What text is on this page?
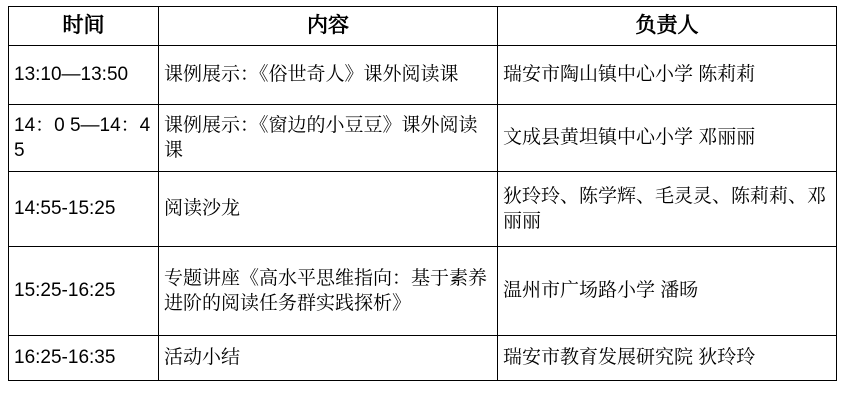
时间	内容	负责人
13:10—13:50	课例展示：《俗世奇人》课外阅读课	瑞安市陶山镇中心小学 陈莉莉
14：0 5—14：4 5	课例展示：《窗边的小豆豆》课外阅读课	文成县黄坦镇中心小学 邓丽丽
14:55-15:25	阅读沙龙	狄玲玲、陈学辉、毛灵灵、陈莉莉、邓丽丽
15:25-16:25	专题讲座《高水平思维指向：基于素养进阶的阅读任务群实践探析》	温州市广场路小学 潘旸
16:25-16:35	活动小结	瑞安市教育发展研究院 狄玲玲
